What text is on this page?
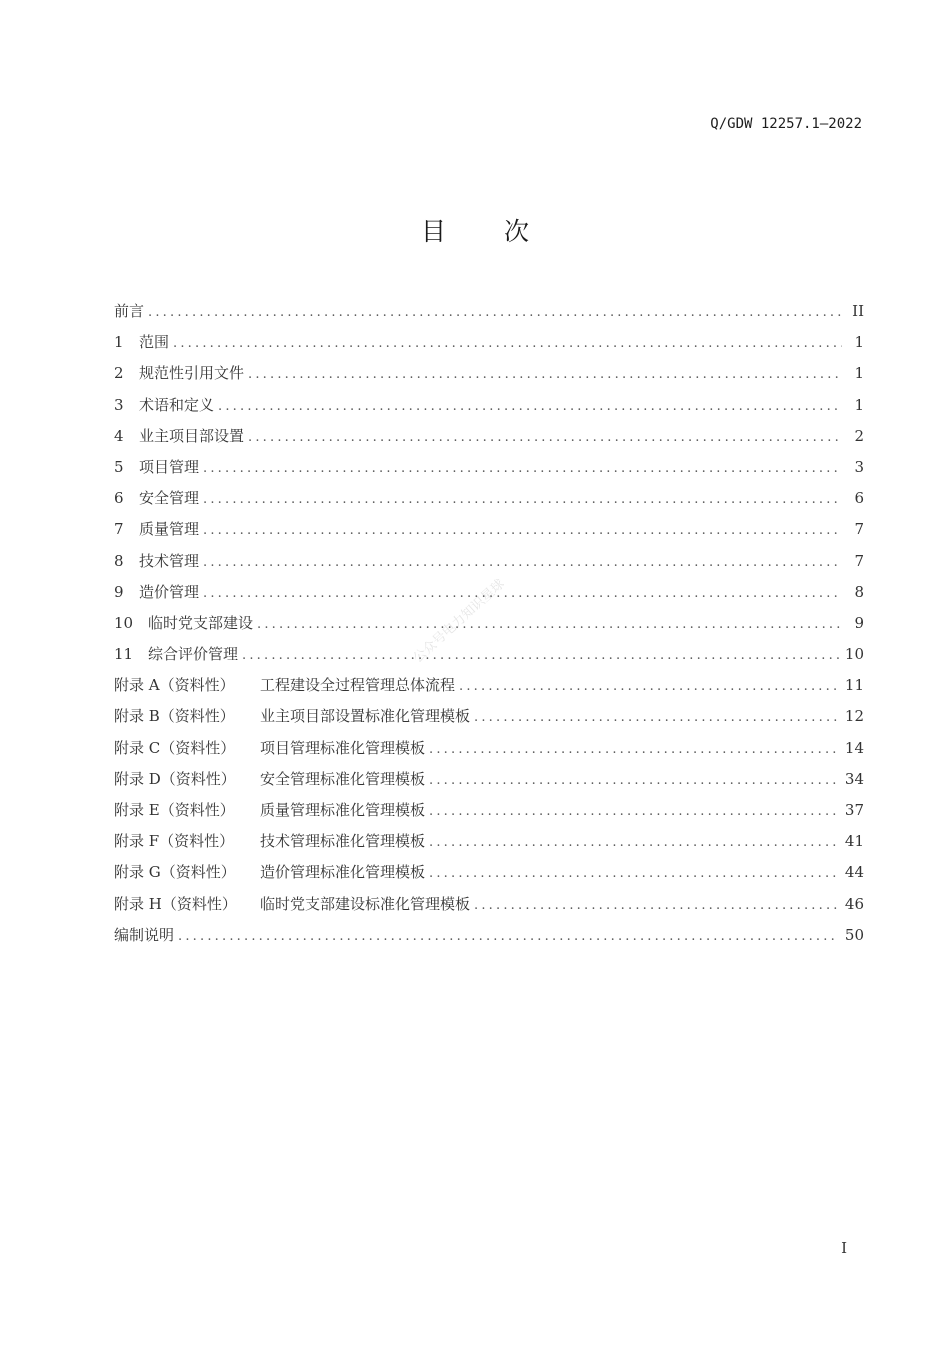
Q/GDW 12257.1—2022
目 次
公众号电力知识星球
前言 .....	II
1	范围 .....	1
2	规范性引用文件 .....	1
3	术语和定义 .....	1
4	业主项目部设置 .....	2
5	项目管理 .....	3
6	安全管理 .....	6
7	质量管理 .....	7
8	技术管理 .....	7
9	造价管理 .....	8
10 临时党支部建设 .....	9
11 综合评价管理 .....	10
附录 A（资料性）	工程建设全过程管理总体流程 .....	11
附录 B（资料性）	业主项目部设置标准化管理模板 .....	12
附录 C（资料性）	项目管理标准化管理模板 .....	14
附录 D（资料性）	安全管理标准化管理模板 .....	34
附录 E（资料性）	质量管理标准化管理模板 .....	37
附录 F（资料性）	技术管理标准化管理模板 .....	41
附录 G（资料性）	造价管理标准化管理模板 .....	44
附录 H（资料性）	临时党支部建设标准化管理模板 .....	46
编制说明 .....	50
I
